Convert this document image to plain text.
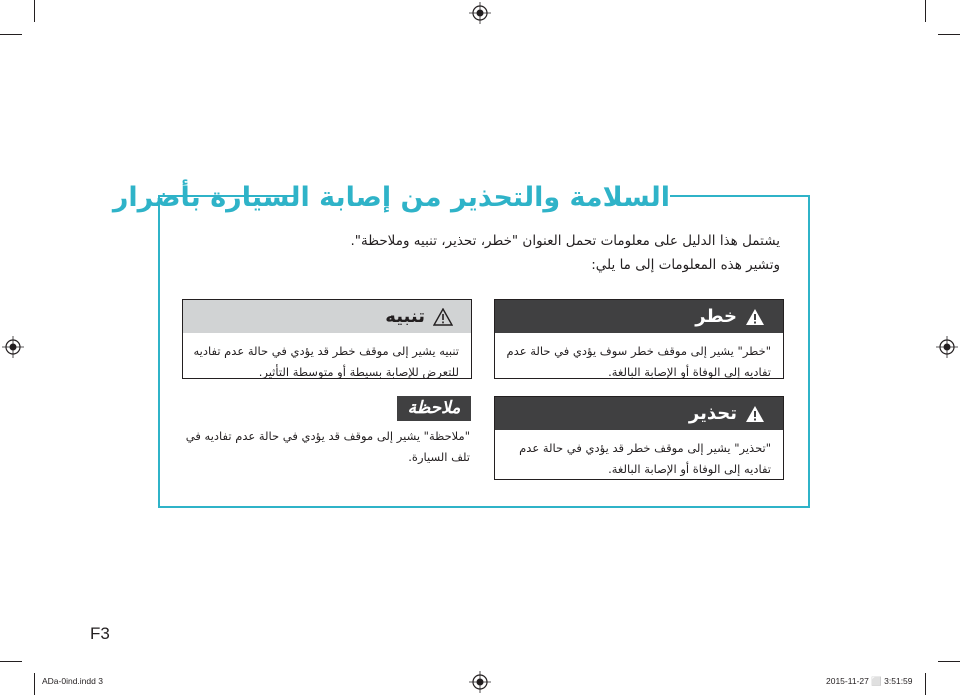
السلامة والتحذير من إصابة السيارة بأضرار
يشتمل هذا الدليل على معلومات تحمل العنوان "خطر، تحذير، تنبيه وملاحظة".
وتشير هذه المعلومات إلى ما يلي:
خطر
"خطر" يشير إلى موقف خطر سوف يؤدي في حالة عدم
تفاديه إلى الوفاة أو الإصابة البالغة.
تنبيه
تنبيه يشير إلى موقف خطر قد يؤدي في حالة عدم تفاديه
للتعرض للإصابة بسيطة أو متوسطة التأثير.
تحذير
"تحذير" يشير إلى موقف خطر قد يؤدي في حالة عدم
تفاديه إلى الوفاة أو الإصابة البالغة.
ملاحظة
"ملاحظة" يشير إلى موقف قد يؤدي في حالة عدم تفاديه في
تلف السيارة.
F3
ADa-0ind.indd 3	2015-11-27 ⬜ 3:51:59
